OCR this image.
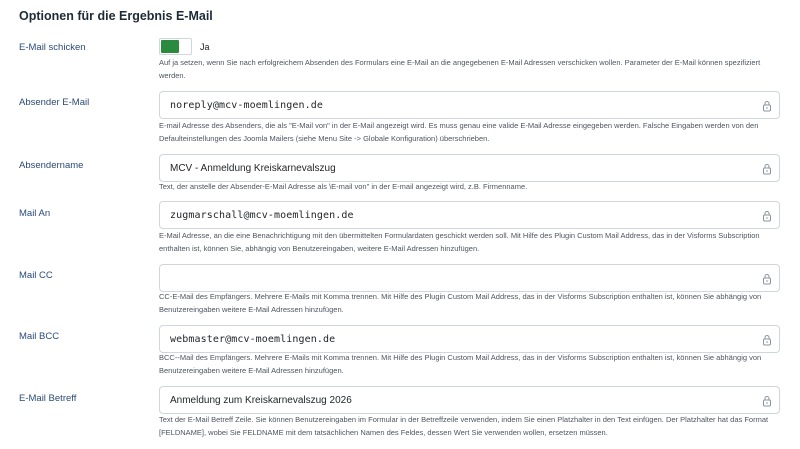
Optionen für die Ergebnis E-Mail
E-Mail schicken	Ja
Auf ja setzen, wenn Sie nach erfolgreichem Absenden des Formulars eine E-Mail an die angegebenen E-Mail Adressen verschicken wollen. Parameter der E-Mail können spezifiziert werden.
Absender E-Mail	noreply@mcv-moemlingen.de
E-mail Adresse des Absenders, die als "E-Mail von" in der E-Mail angezeigt wird. Es muss genau eine valide E-Mail Adresse eingegeben werden. Falsche Eingaben werden von den Defaulteinstellungen des Joomla Mailers (siehe Menu Site -> Globale Konfiguration) überschrieben.
Absendername	MCV - Anmeldung Kreiskarnevalszug
Text, der anstelle der Absender-E-Mail Adresse als \E-mail von" in der E-mail angezeigt wird, z.B. Firmenname.
Mail An	zugmarschall@mcv-moemlingen.de
E-Mail Adresse, an die eine Benachrichtigung mit den übermittelten Formulardaten geschickt werden soll. Mit Hilfe des Plugin Custom Mail Address, das in der Visforms Subscription enthalten ist, können Sie, abhängig von Benutzereingaben, weitere E-Mail Adressen hinzufügen.
Mail CC
CC-E-Mail des Empfängers. Mehrere E-Mails mit Komma trennen. Mit Hilfe des Plugin Custom Mail Address, das in der Visforms Subscription enthalten ist, können Sie abhängig von Benutzereingaben weitere E-Mail Adressen hinzufügen.
Mail BCC	webmaster@mcv-moemlingen.de
BCC--Mail des Empfängers. Mehrere E-Mails mit Komma trennen. Mit Hilfe des Plugin Custom Mail Address, das in der Visforms Subscription enthalten ist, können Sie abhängig von Benutzereingaben weitere E-Mail Adressen hinzufügen.
E-Mail Betreff	Anmeldung zum Kreiskarnevalszug 2026
Text der E-Mail Betreff Zeile. Sie können Benutzereingaben im Formular in der Betreffzeile verwenden, indem Sie einen Platzhalter in den Text einfügen. Der Platzhalter hat das Format [FELDNAME], wobei Sie FELDNAME mit dem tatsächlichen Namen des Feldes, dessen Wert Sie verwenden wollen, ersetzen müssen.
